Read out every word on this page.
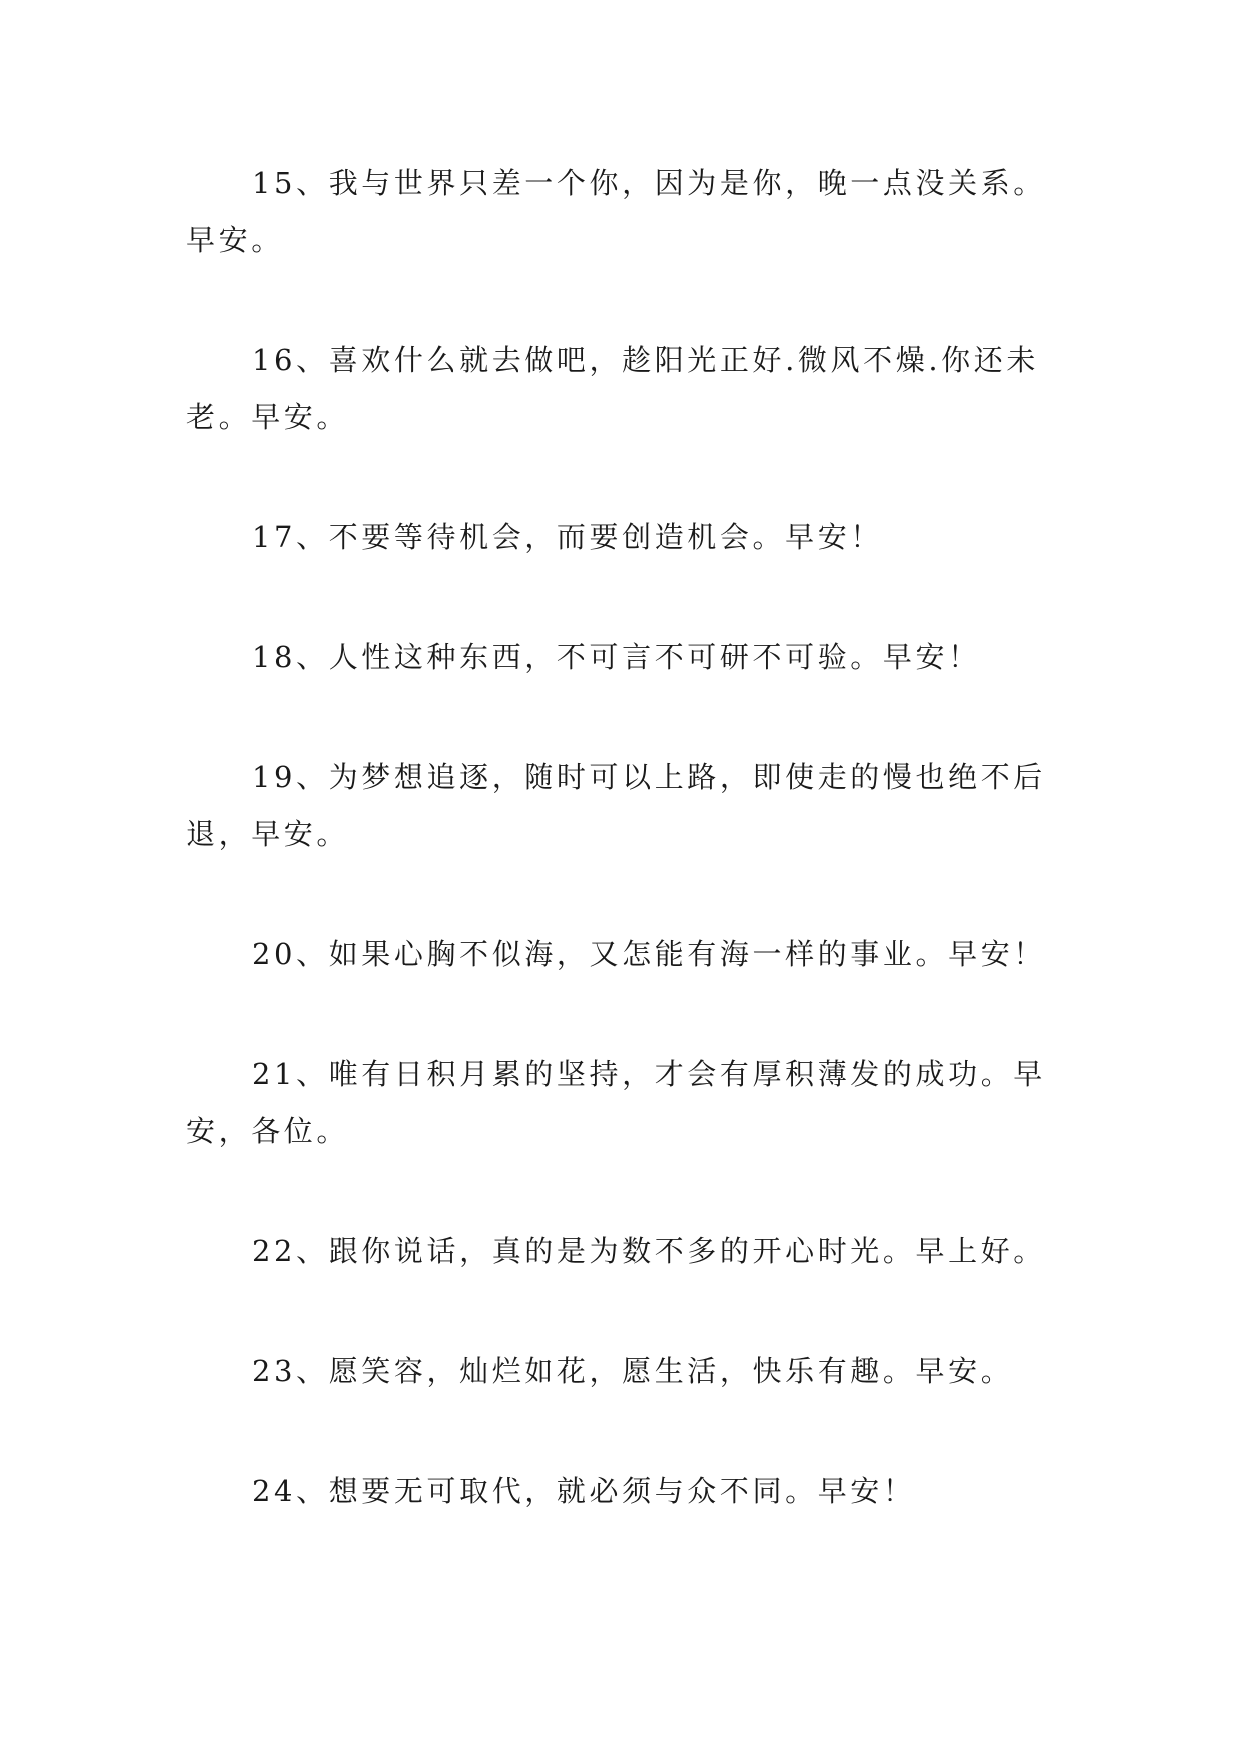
15、我与世界只差一个你，因为是你，晚一点没关系。早安。

16、喜欢什么就去做吧，趁阳光正好.微风不燥.你还未老。早安。

17、不要等待机会，而要创造机会。早安！

18、人性这种东西，不可言不可研不可验。早安！

19、为梦想追逐，随时可以上路，即使走的慢也绝不后退，早安。

20、如果心胸不似海，又怎能有海一样的事业。早安！

21、唯有日积月累的坚持，才会有厚积薄发的成功。早安，各位。

22、跟你说话，真的是为数不多的开心时光。早上好。

23、愿笑容，灿烂如花，愿生活，快乐有趣。早安。

24、想要无可取代，就必须与众不同。早安！
